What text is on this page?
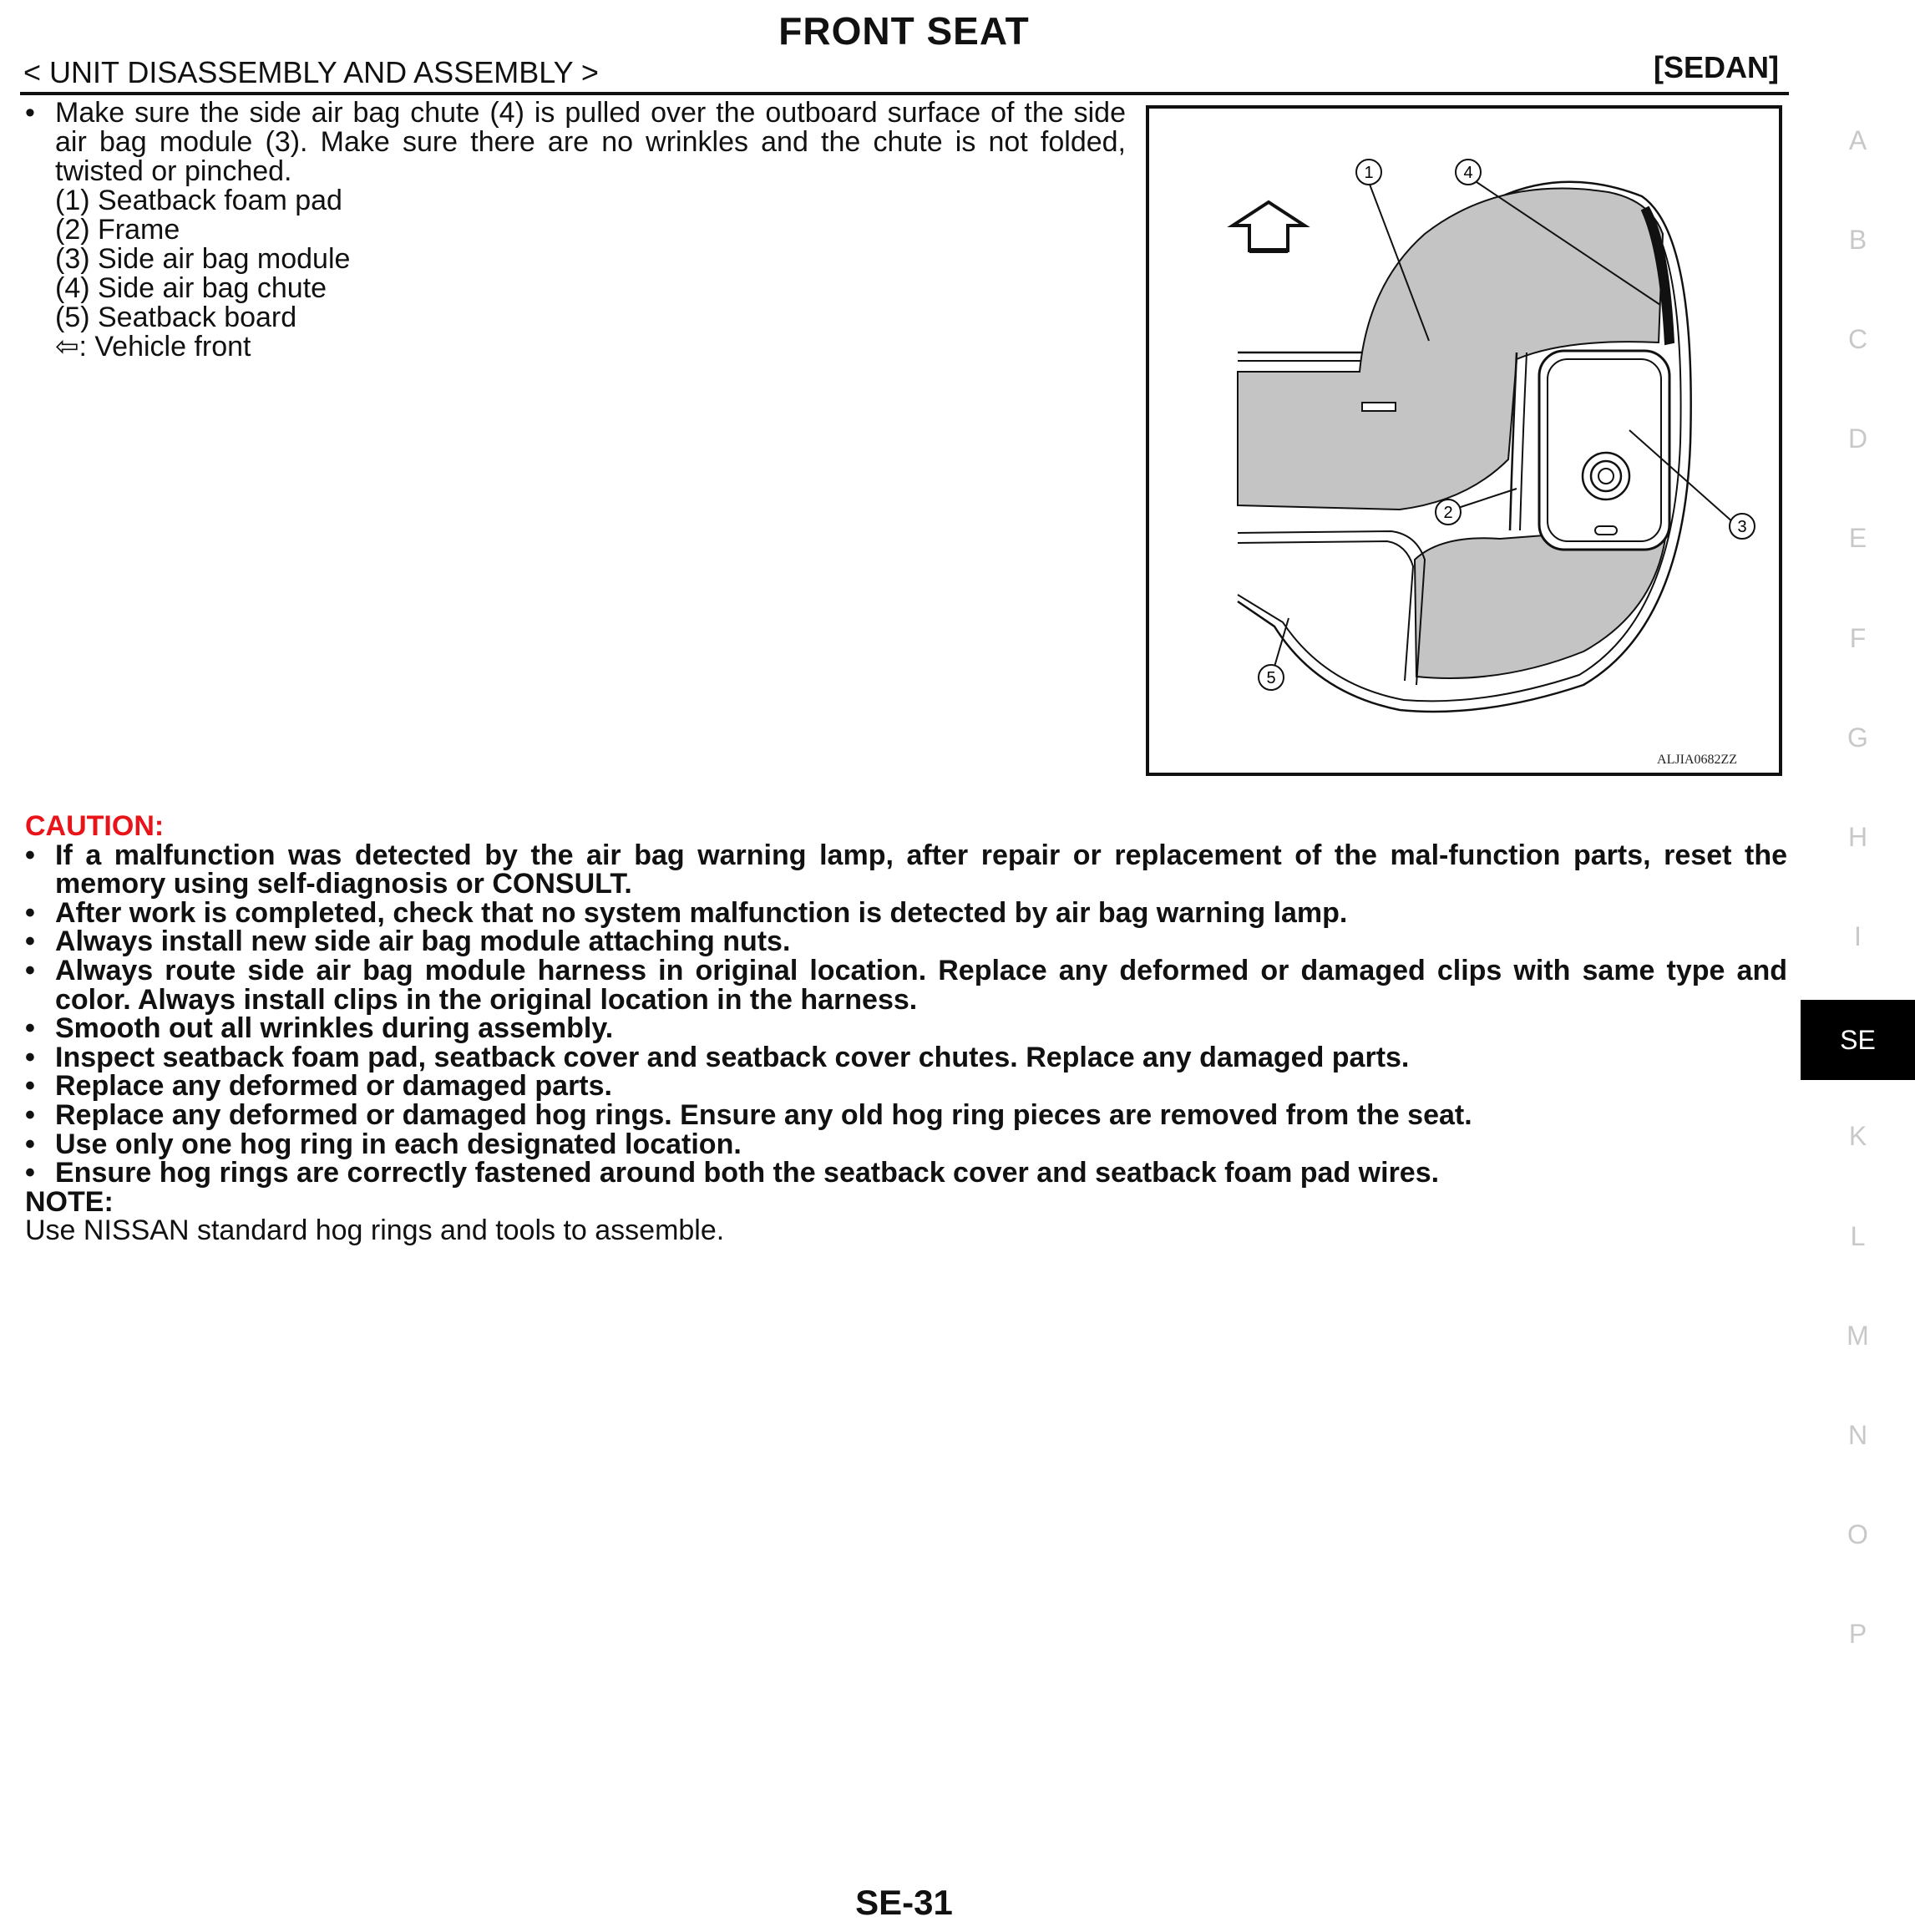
FRONT SEAT
< UNIT DISASSEMBLY AND ASSEMBLY >	[SEDAN]
• Make sure the side air bag chute (4) is pulled over the outboard surface of the side air bag module (3). Make sure there are no wrinkles and the chute is not folded, twisted or pinched.
(1) Seatback foam pad
(2) Frame
(3) Side air bag module
(4) Side air bag chute
(5) Seatback board
⇦: Vehicle front
1	4
2
3
5
ALJIA0682ZZ
CAUTION:
• If a malfunction was detected by the air bag warning lamp, after repair or replacement of the mal-function parts, reset the memory using self-diagnosis or CONSULT.
• After work is completed, check that no system malfunction is detected by air bag warning lamp.
• Always install new side air bag module attaching nuts.
• Always route side air bag module harness in original location. Replace any deformed or damaged clips with same type and color. Always install clips in the original location in the harness.
• Smooth out all wrinkles during assembly.
• Inspect seatback foam pad, seatback cover and seatback cover chutes. Replace any damaged parts.
• Replace any deformed or damaged parts.
• Replace any deformed or damaged hog rings. Ensure any old hog ring pieces are removed from the seat.
• Use only one hog ring in each designated location.
• Ensure hog rings are correctly fastened around both the seatback cover and seatback foam pad wires.
NOTE:
Use NISSAN standard hog rings and tools to assemble.
A
B
C
D
E
F
G
H
I
SE
K
L
M
N
O
P
SE-31
